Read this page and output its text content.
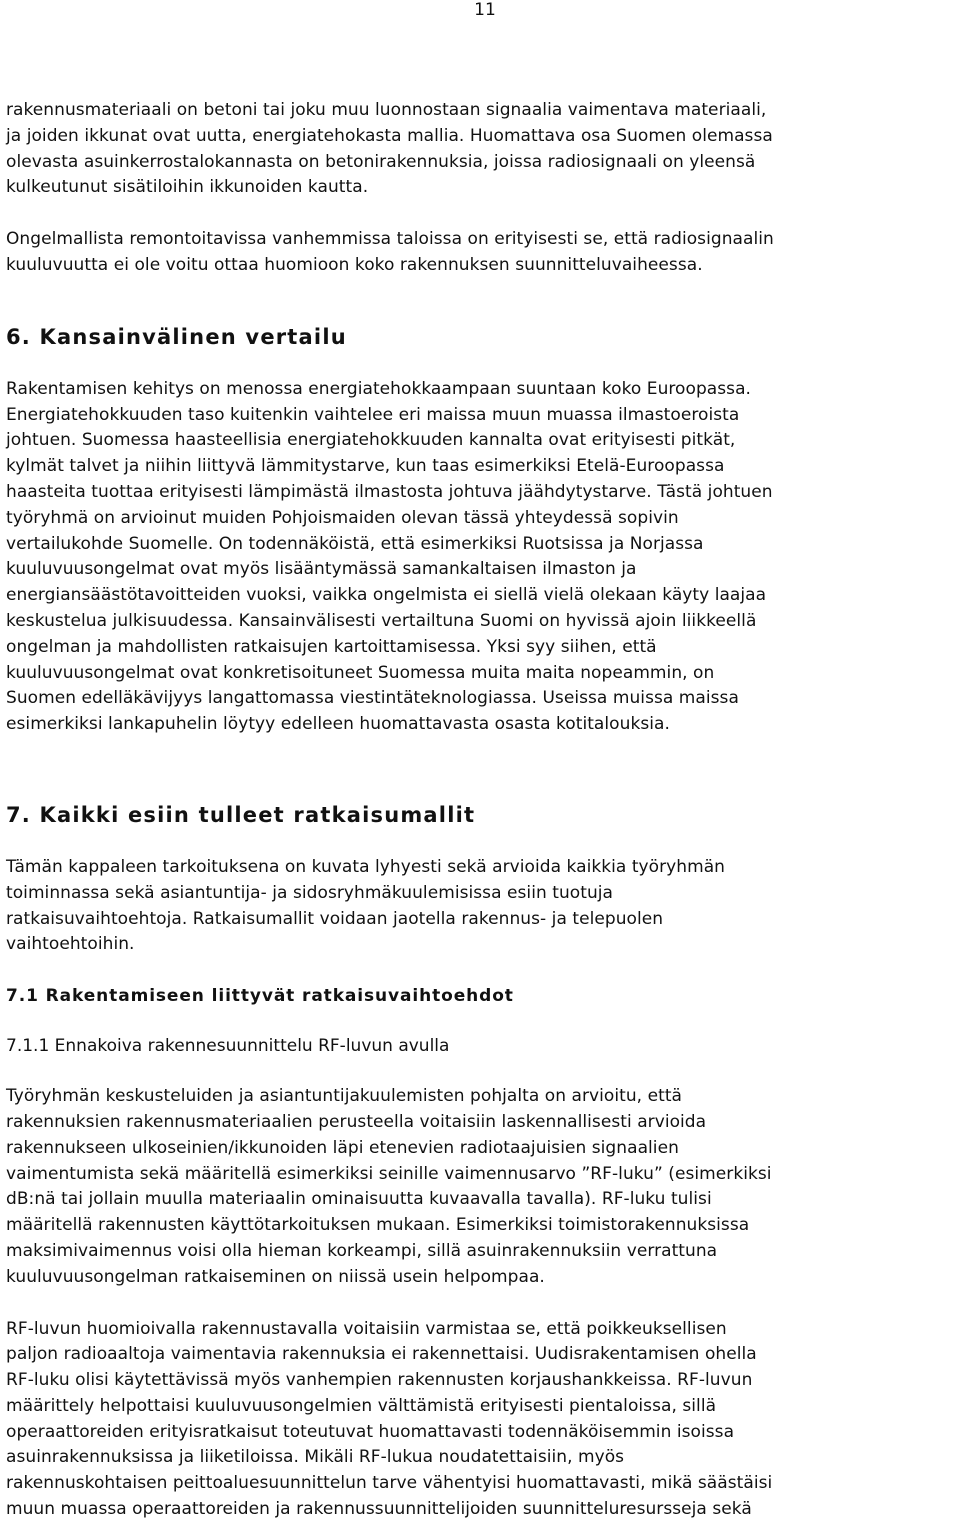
11

rakennusmateriaali on betoni tai joku muu luonnostaan signaalia vaimentava materiaali,
ja joiden ikkunat ovat uutta, energiatehokasta mallia. Huomattava osa Suomen olemassa
olevasta asuinkerrostalokannasta on betonirakennuksia, joissa radiosignaali on yleensä
kulkeutunut sisätiloihin ikkunoiden kautta.

Ongelmallista remontoitavissa vanhemmissa taloissa on erityisesti se, että radiosignaalin
kuuluvuutta ei ole voitu ottaa huomioon koko rakennuksen suunnitteluvaiheessa.

6. Kansainvälinen vertailu

Rakentamisen kehitys on menossa energiatehokkaampaan suuntaan koko Euroopassa.
Energiatehokkuuden taso kuitenkin vaihtelee eri maissa muun muassa ilmastoeroista
johtuen. Suomessa haasteellisia energiatehokkuuden kannalta ovat erityisesti pitkät,
kylmät talvet ja niihin liittyvä lämmitystarve, kun taas esimerkiksi Etelä-Euroopassa
haasteita tuottaa erityisesti lämpimästä ilmastosta johtuva jäähdytystarve. Tästä johtuen
työryhmä on arvioinut muiden Pohjoismaiden olevan tässä yhteydessä sopivin
vertailukohde Suomelle. On todennäköistä, että esimerkiksi Ruotsissa ja Norjassa
kuuluvuusongelmat ovat myös lisääntymässä samankaltaisen ilmaston ja
energiansäästötavoitteiden vuoksi, vaikka ongelmista ei siellä vielä olekaan käyty laajaa
keskustelua julkisuudessa. Kansainvälisesti vertailtuna Suomi on hyvissä ajoin liikkeellä
ongelman ja mahdollisten ratkaisujen kartoittamisessa. Yksi syy siihen, että
kuuluvuusongelmat ovat konkretisoituneet Suomessa muita maita nopeammin, on
Suomen edelläkävijyys langattomassa viestintäteknologiassa. Useissa muissa maissa
esimerkiksi lankapuhelin löytyy edelleen huomattavasta osasta kotitalouksia.

7. Kaikki esiin tulleet ratkaisumallit

Tämän kappaleen tarkoituksena on kuvata lyhyesti sekä arvioida kaikkia työryhmän
toiminnassa sekä asiantuntija- ja sidosryhmäkuulemisissa esiin tuotuja
ratkaisuvaihtoehtoja. Ratkaisumallit voidaan jaotella rakennus- ja telepuolen
vaihtoehtoihin.

7.1 Rakentamiseen liittyvät ratkaisuvaihtoehdot
7.1.1 Ennakoiva rakennesuunnittelu RF-luvun avulla

Työryhmän keskusteluiden ja asiantuntijakuulemisten pohjalta on arvioitu, että
rakennuksien rakennusmateriaalien perusteella voitaisiin laskennallisesti arvioida
rakennukseen ulkoseinien/ikkunoiden läpi etenevien radiotaajuisien signaalien
vaimentumista sekä määritellä esimerkiksi seinille vaimennusarvo ”RF-luku” (esimerkiksi
dB:nä tai jollain muulla materiaalin ominaisuutta kuvaavalla tavalla). RF-luku tulisi
määritellä rakennusten käyttötarkoituksen mukaan. Esimerkiksi toimistorakennuksissa
maksimivaimennus voisi olla hieman korkeampi, sillä asuinrakennuksiin verrattuna
kuuluvuusongelman ratkaiseminen on niissä usein helpompaa.

RF-luvun huomioivalla rakennustavalla voitaisiin varmistaa se, että poikkeuksellisen
paljon radioaaltoja vaimentavia rakennuksia ei rakennettaisi. Uudisrakentamisen ohella
RF-luku olisi käytettävissä myös vanhempien rakennusten korjaushankkeissa. RF-luvun
määrittely helpottaisi kuuluvuusongelmien välttämistä erityisesti pientaloissa, sillä
operaattoreiden erityisratkaisut toteutuvat huomattavasti todennäköisemmin isoissa
asuinrakennuksissa ja liiketiloissa. Mikäli RF-lukua noudatettaisiin, myös
rakennuskohtaisen peittoaluesuunnittelun tarve vähentyisi huomattavasti, mikä säästäisi
muun muassa operaattoreiden ja rakennussuunnittelijoiden suunnitteluresursseja sekä
